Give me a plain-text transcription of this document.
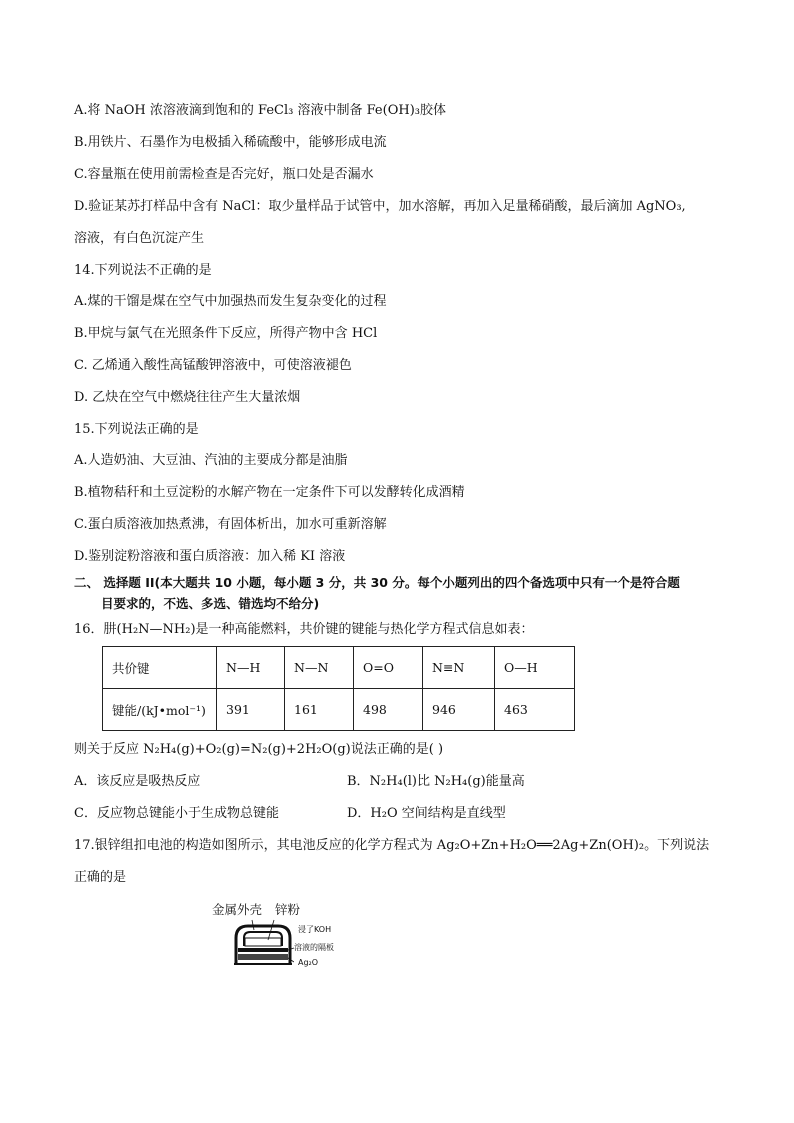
A.将 NaOH 浓溶液滴到饱和的 FeCl₃ 溶液中制备 Fe(OH)₃胶体
B.用铁片、石墨作为电极插入稀硫酸中，能够形成电流
C.容量瓶在使用前需检查是否完好，瓶口处是否漏水
D.验证某苏打样品中含有 NaCl：取少量样品于试管中，加水溶解，再加入足量稀硝酸，最后滴加 AgNO₃,
溶液，有白色沉淀产生
14.下列说法不正确的是
A.煤的干馏是煤在空气中加强热而发生复杂变化的过程
B.甲烷与氯气在光照条件下反应，所得产物中含 HCl
C. 乙烯通入酸性高锰酸钾溶液中，可使溶液褪色
D. 乙炔在空气中燃烧往往产生大量浓烟
15.下列说法正确的是
A.人造奶油、大豆油、汽油的主要成分都是油脂
B.植物秸秆和土豆淀粉的水解产物在一定条件下可以发酵转化成酒精
C.蛋白质溶液加热煮沸，有固体析出，加水可重新溶解
D.鉴别淀粉溶液和蛋白质溶液：加入稀 KI 溶液
二、 选择题 II(本大题共 10 小题，每小题 3 分，共 30 分。每个小题列出的四个备选项中只有一个是符合题
目要求的，不选、多选、错选均不给分)
16．肼(H₂N—NH₂)是一种高能燃料，共价键的键能与热化学方程式信息如表：
共价键	N—H	N—N	O=O	N≡N	O—H
键能/(kJ•mol⁻¹)	391	161	498	946	463
则关于反应 N₂H₄(g)+O₂(g)=N₂(g)+2H₂O(g)说法正确的是( )
A．该反应是吸热反应	B．N₂H₄(l)比 N₂H₄(g)能量高
C．反应物总键能小于生成物总键能	D．H₂O 空间结构是直线型
17.银锌组扣电池的构造如图所示，其电池反应的化学方程式为 Ag₂O+Zn+H₂O══2Ag+Zn(OH)₂。下列说法
正确的是
金属外壳 锌粉
浸了KOH
溶液的隔板
Ag₂O
